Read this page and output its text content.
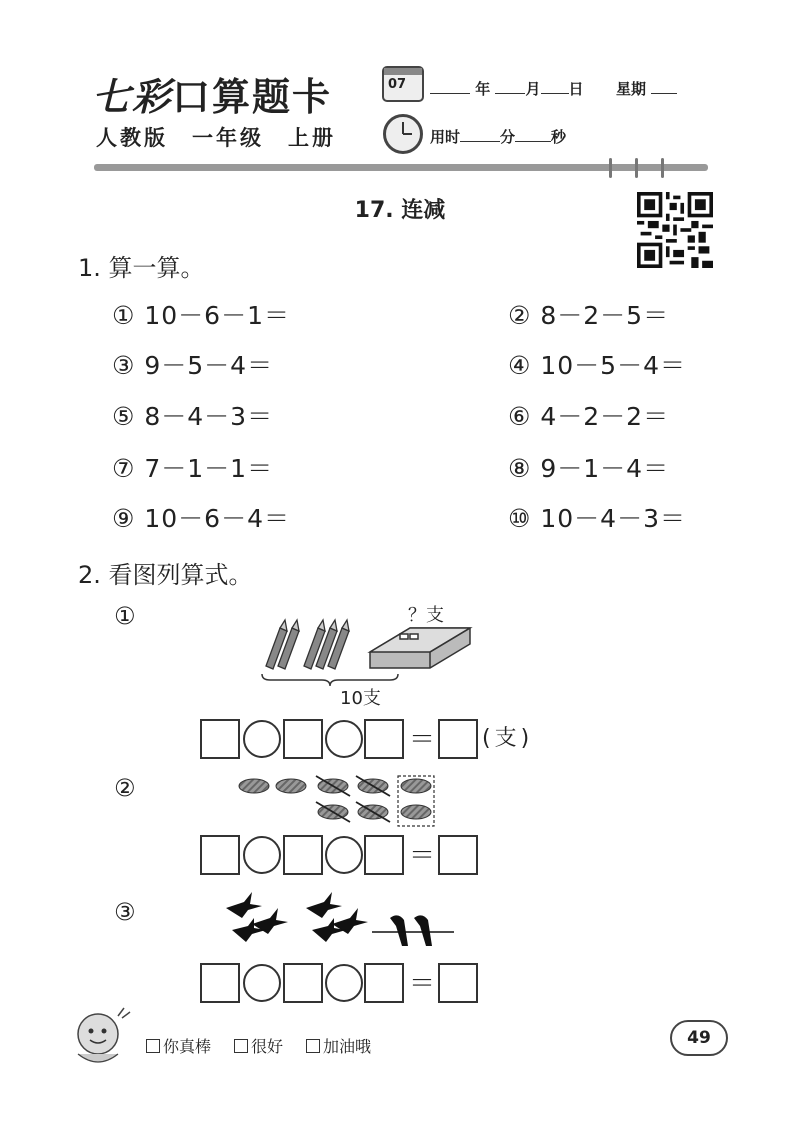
七彩口算题卡
人教版　一年级　上册
07	年 月 日 星期
用时	分 秒
17. 连减
1. 算一算。
① 10－6－1＝	② 8－2－5＝
③ 9－5－4＝	④ 10－5－4＝
⑤ 8－4－3＝	⑥ 4－2－2＝
⑦ 7－1－1＝	⑧ 9－1－4＝
⑨ 10－6－4＝	⑩ 10－4－3＝
2. 看图列算式。
①	？支
10支
＝ (支)
②
＝
③
＝
你真棒	很好	加油哦	49
